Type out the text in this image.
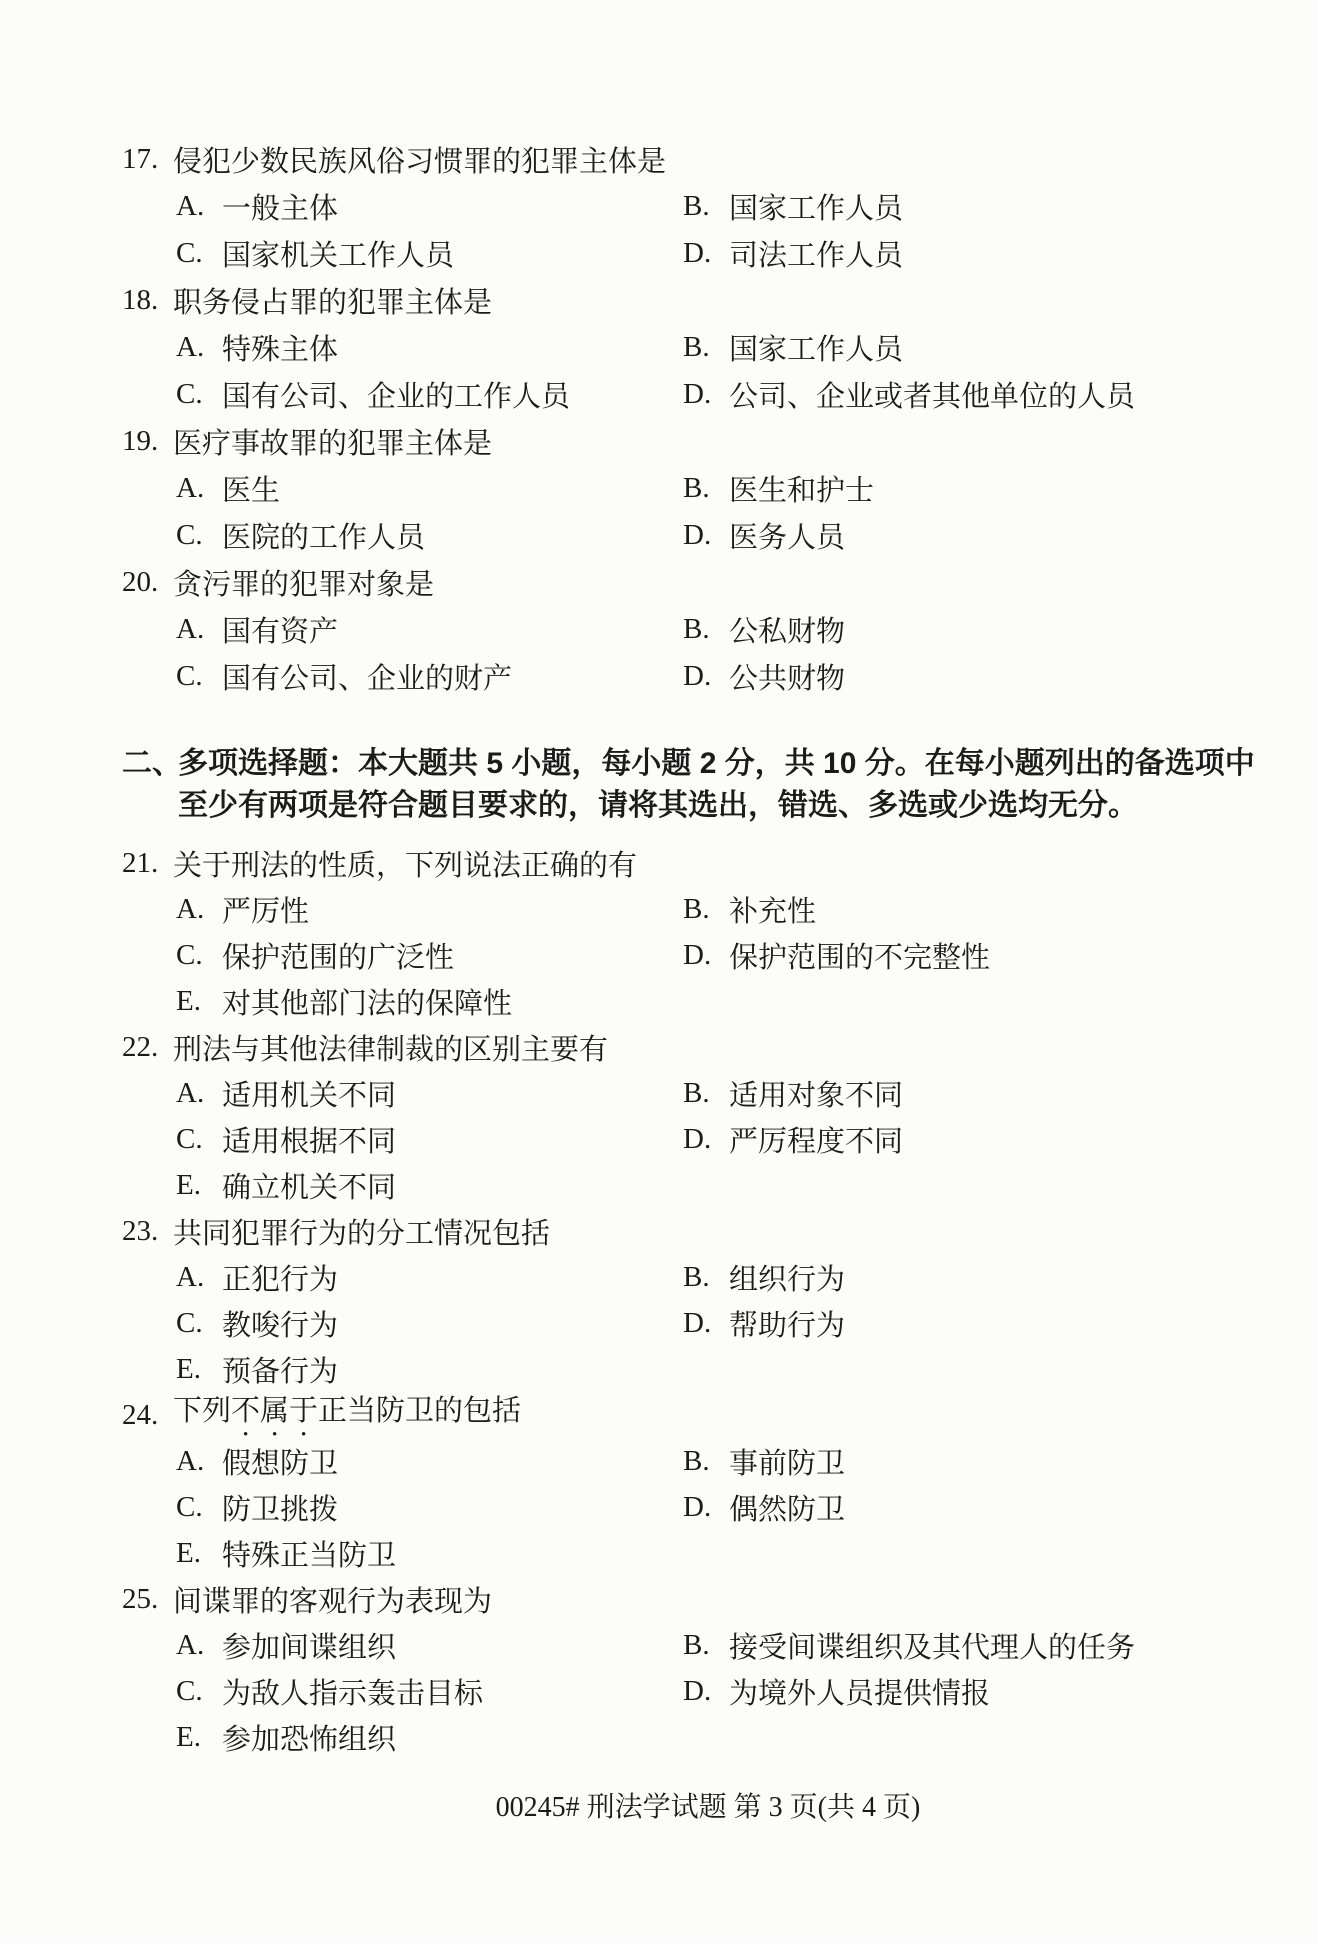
17. 侵犯少数民族风俗习惯罪的犯罪主体是
A. 一般主体	B. 国家工作人员
C. 国家机关工作人员	D. 司法工作人员
18. 职务侵占罪的犯罪主体是
A. 特殊主体	B. 国家工作人员
C. 国有公司、企业的工作人员	D. 公司、企业或者其他单位的人员
19. 医疗事故罪的犯罪主体是
A. 医生	B. 医生和护士
C. 医院的工作人员	D. 医务人员
20. 贪污罪的犯罪对象是
A. 国有资产	B. 公私财物
C. 国有公司、企业的财产	D. 公共财物
二、
多项选择题：本大题共 5 小题，每小题 2 分，共 10 分。在每小题列出的备选项中
至少有两项是符合题目要求的，请将其选出，错选、多选或少选均无分。
21. 关于刑法的性质，下列说法正确的有
A. 严厉性	B. 补充性
C. 保护范围的广泛性	D. 保护范围的不完整性
E. 对其他部门法的保障性
22. 刑法与其他法律制裁的区别主要有
A. 适用机关不同	B. 适用对象不同
C. 适用根据不同	D. 严厉程度不同
E. 确立机关不同
23. 共同犯罪行为的分工情况包括
A. 正犯行为	B. 组织行为
C. 教唆行为	D. 帮助行为
E. 预备行为
24. 下列不属于正当防卫的包括
A. 假想防卫	B. 事前防卫
C. 防卫挑拨	D. 偶然防卫
E. 特殊正当防卫
25. 间谍罪的客观行为表现为
A. 参加间谍组织	B. 接受间谍组织及其代理人的任务
C. 为敌人指示轰击目标	D. 为境外人员提供情报
E. 参加恐怖组织
00245# 刑法学试题 第 3 页(共 4 页)
